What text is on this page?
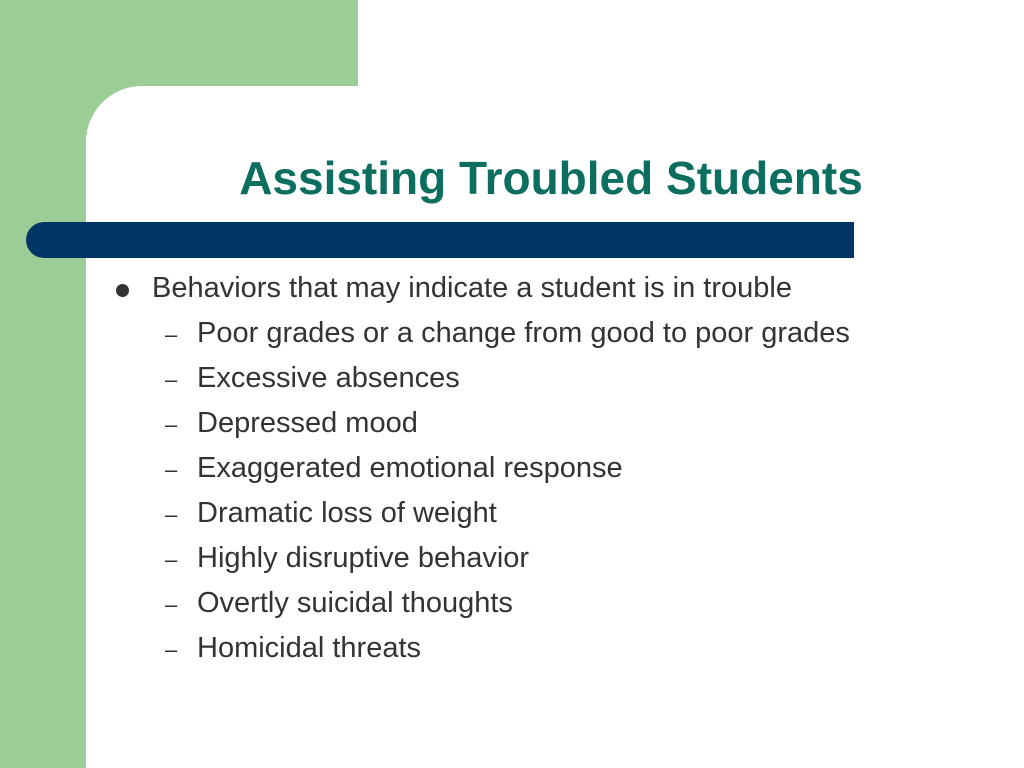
Assisting Troubled Students
Behaviors that may indicate a student is in trouble
– Poor grades or a change from good to poor grades
– Excessive absences
– Depressed mood
– Exaggerated emotional response
– Dramatic loss of weight
– Highly disruptive behavior
– Overtly suicidal thoughts
– Homicidal threats
